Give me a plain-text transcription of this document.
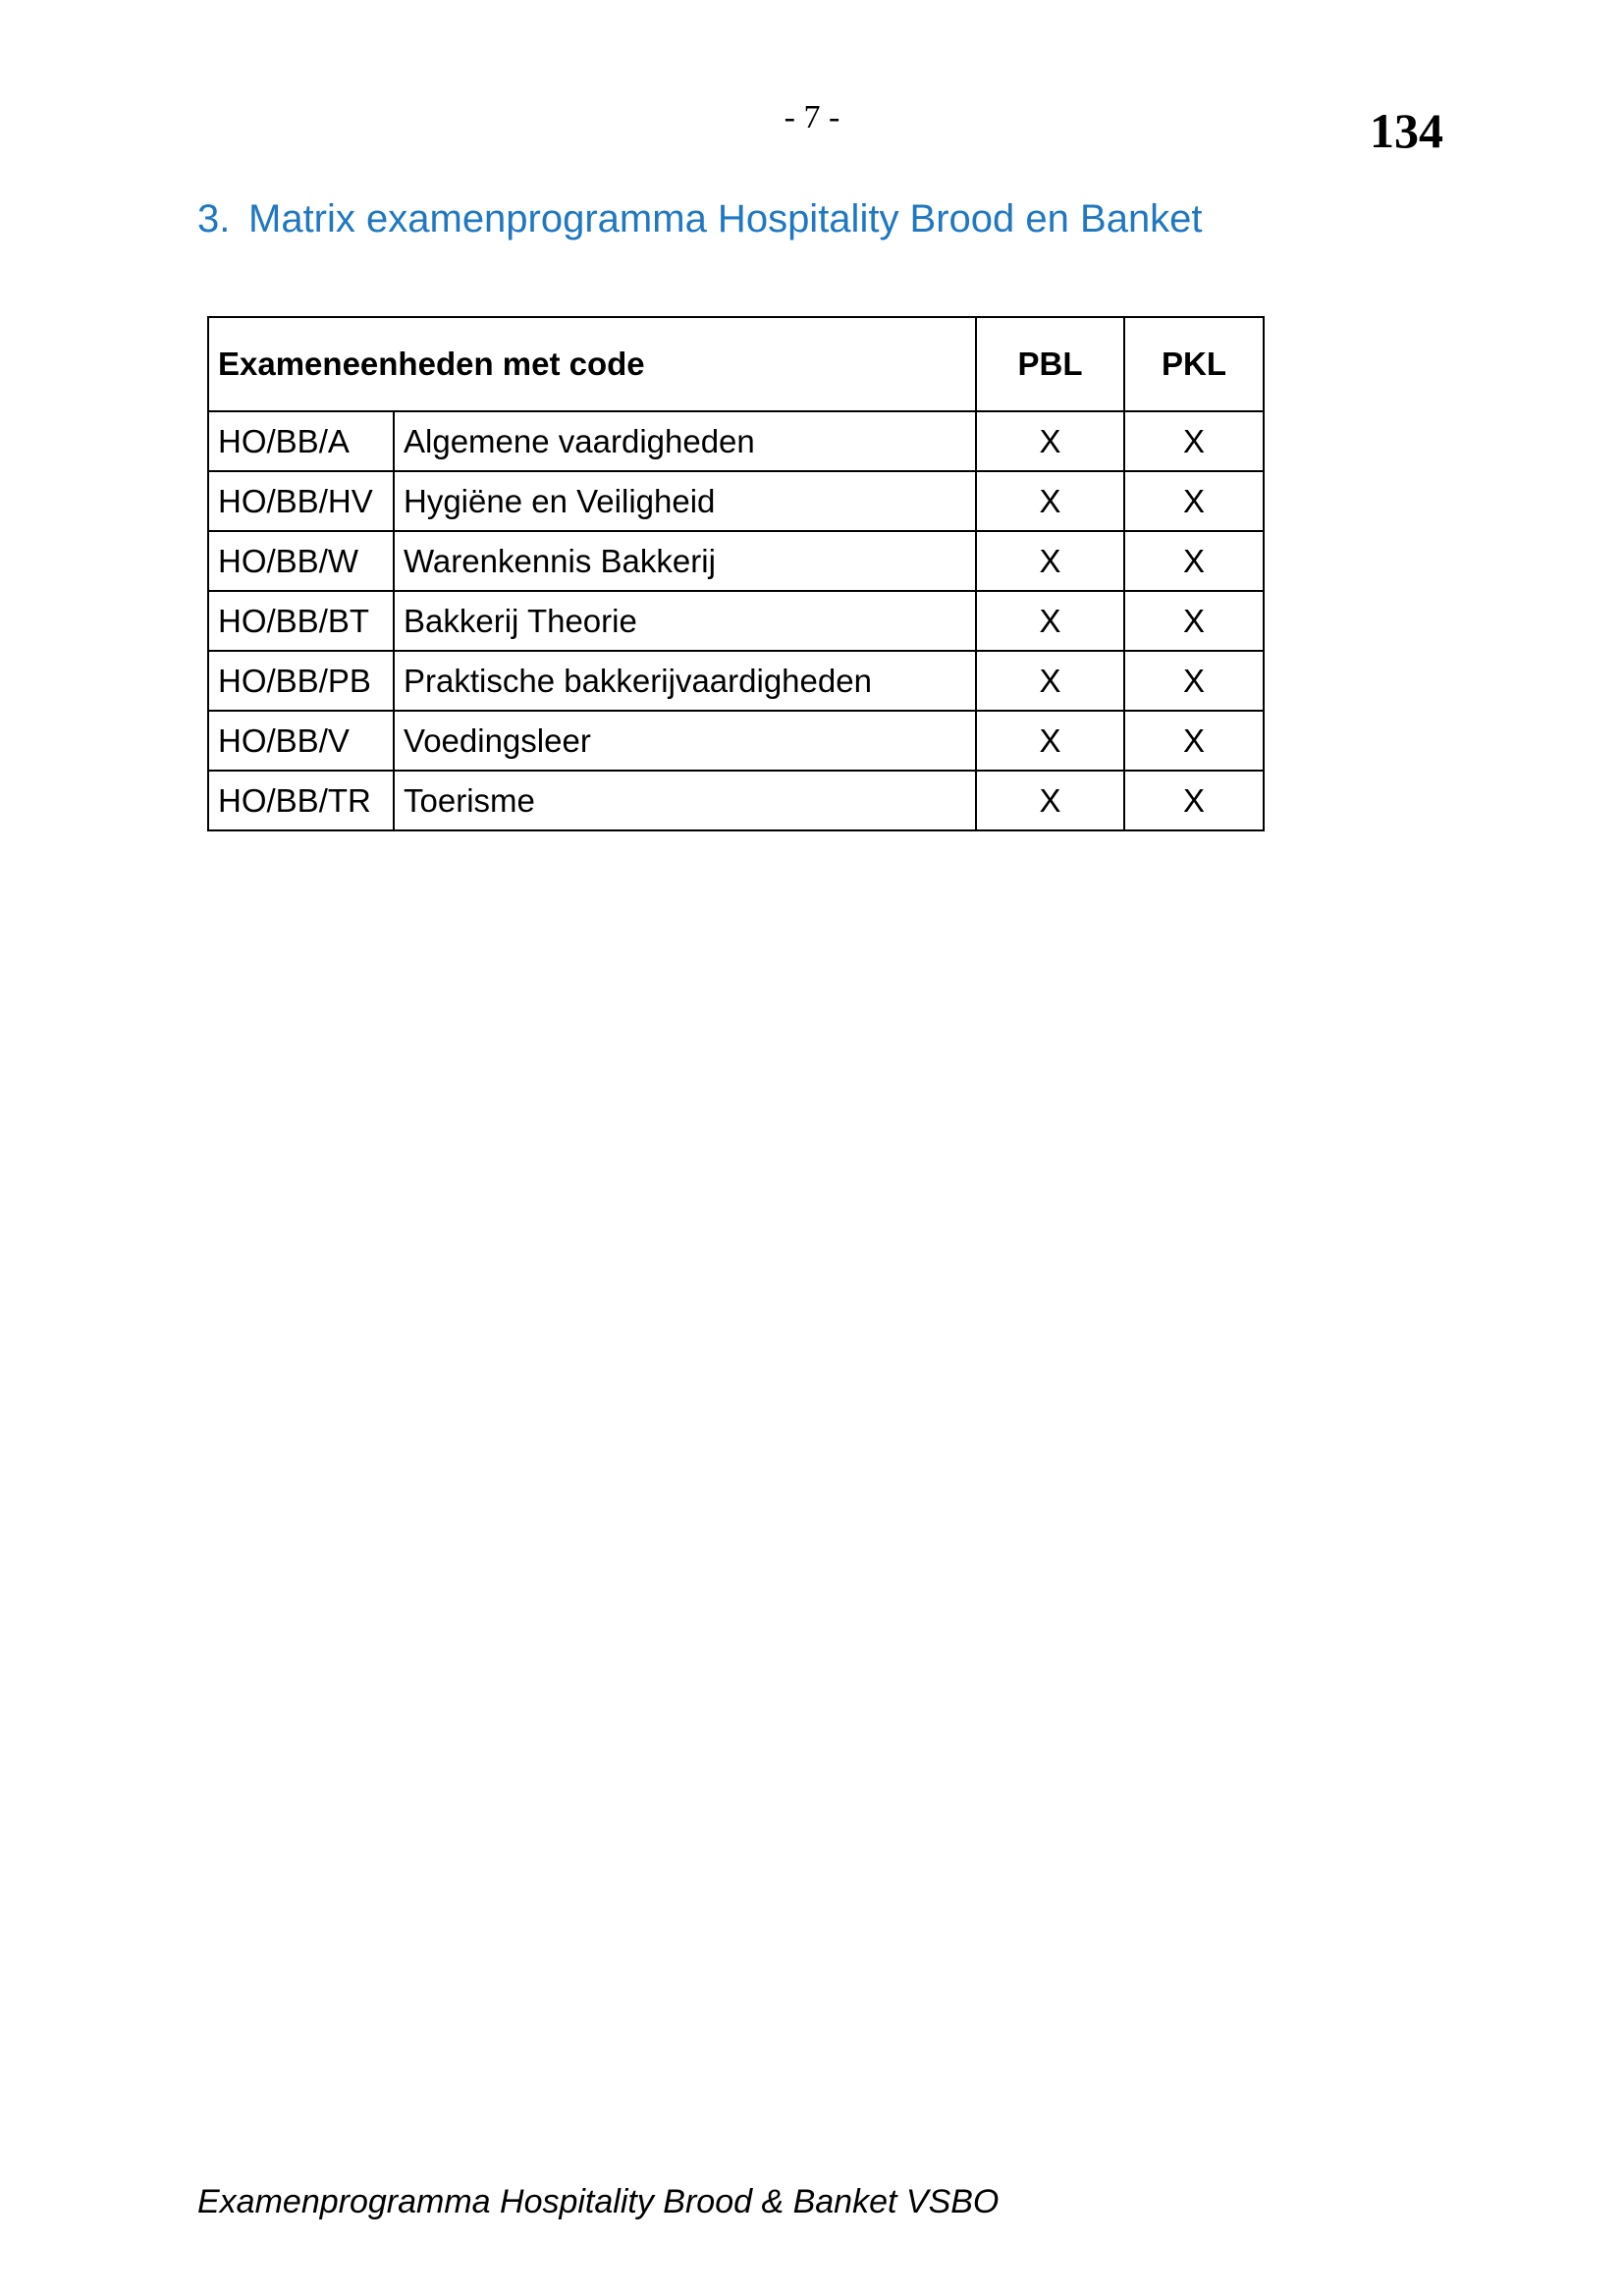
- 7 -	134
3. Matrix examenprogramma Hospitality Brood en Banket
Exameneenheden met code		PBL	PKL
HO/BB/A	Algemene vaardigheden	X	X
HO/BB/HV	Hygiëne en Veiligheid	X	X
HO/BB/W	Warenkennis Bakkerij	X	X
HO/BB/BT	Bakkerij Theorie	X	X
HO/BB/PB	Praktische bakkerijvaardigheden	X	X
HO/BB/V	Voedingsleer	X	X
HO/BB/TR	Toerisme	X	X
Examenprogramma Hospitality Brood & Banket VSBO
